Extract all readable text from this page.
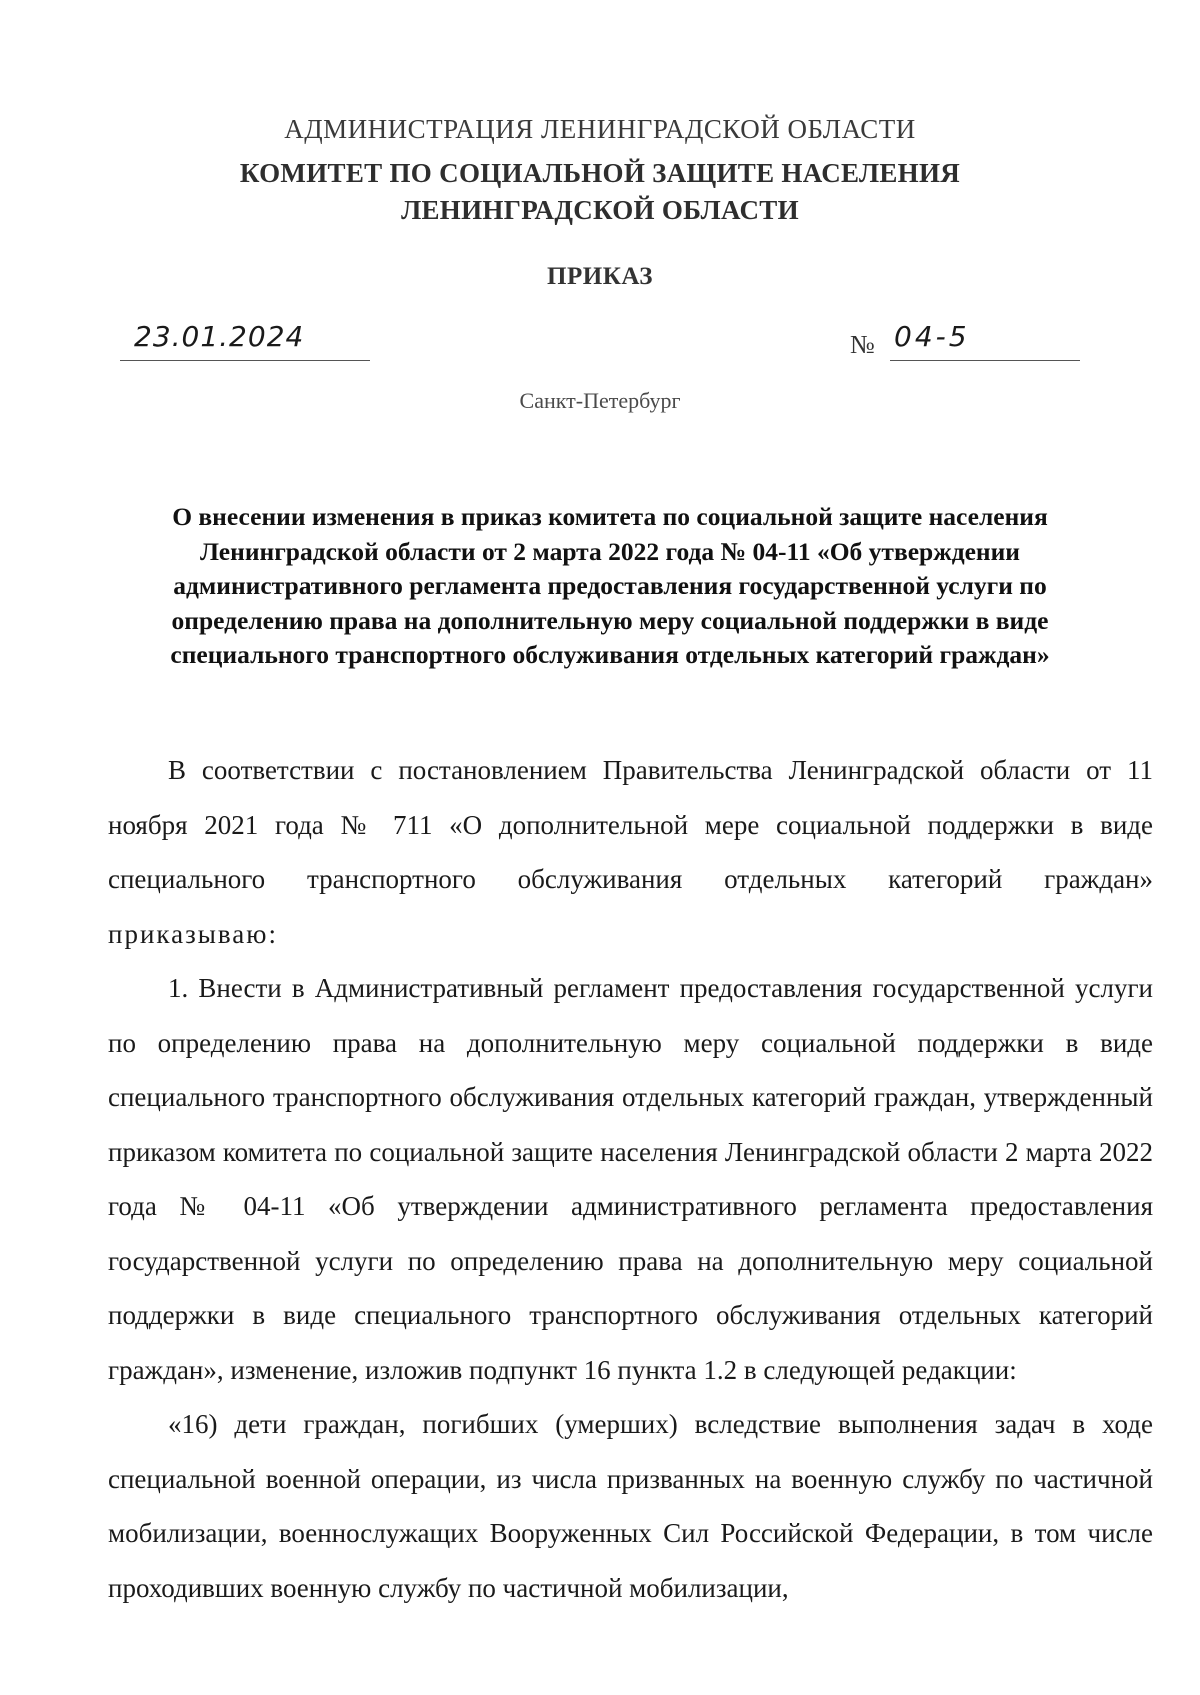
АДМИНИСТРАЦИЯ ЛЕНИНГРАДСКОЙ ОБЛАСТИ
КОМИТЕТ ПО СОЦИАЛЬНОЙ ЗАЩИТЕ НАСЕЛЕНИЯ
ЛЕНИНГРАДСКОЙ ОБЛАСТИ
ПРИКАЗ
23.01.2024	№ 04-5
Санкт-Петербург
О внесении изменения в приказ комитета по социальной защите населения Ленинградской области от 2 марта 2022 года № 04-11 «Об утверждении административного регламента предоставления государственной услуги по определению права на дополнительную меру социальной поддержки в виде специального транспортного обслуживания отдельных категорий граждан»

В соответствии с постановлением Правительства Ленинградской области от 11 ноября 2021 года № 711 «О дополнительной мере социальной поддержки в виде специального транспортного обслуживания отдельных категорий граждан» приказываю:

1. Внести в Административный регламент предоставления государственной услуги по определению права на дополнительную меру социальной поддержки в виде специального транспортного обслуживания отдельных категорий граждан, утвержденный приказом комитета по социальной защите населения Ленинградской области 2 марта 2022 года № 04-11 «Об утверждении административного регламента предоставления государственной услуги по определению права на дополнительную меру социальной поддержки в виде специального транспортного обслуживания отдельных категорий граждан», изменение, изложив подпункт 16 пункта 1.2 в следующей редакции:

«16) дети граждан, погибших (умерших) вследствие выполнения задач в ходе специальной военной операции, из числа призванных на военную службу по частичной мобилизации, военнослужащих Вооруженных Сил Российской Федерации, в том числе проходивших военную службу по частичной мобилизации,
